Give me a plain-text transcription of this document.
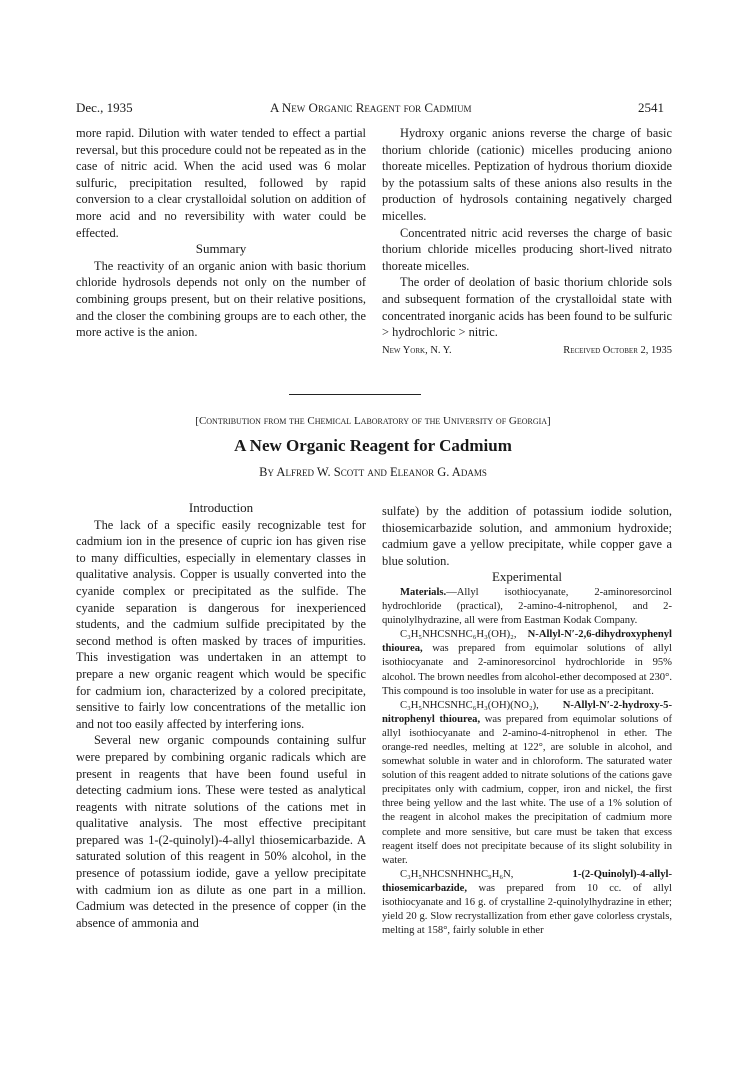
Dec., 1935	A New Organic Reagent for Cadmium	2541

more rapid. Dilution with water tended to effect a partial reversal, but this procedure could not be repeated as in the case of nitric acid. When the acid used was 6 molar sulfuric, precipitation resulted, followed by rapid conversion to a clear crystalloidal solution on addition of more acid and no reversibility with water could be effected.

Summary

The reactivity of an organic anion with basic thorium chloride hydrosols depends not only on the number of combining groups present, but on their relative positions, and the closer the combining groups are to each other, the more active is the anion.

Hydroxy organic anions reverse the charge of basic thorium chloride (cationic) micelles producing aniono thoreate micelles. Peptization of hydrous thorium dioxide by the potassium salts of these anions also results in the production of hydrosols containing negatively charged micelles.

Concentrated nitric acid reverses the charge of basic thorium chloride micelles producing short-lived nitrato thoreate micelles.

The order of deolation of basic thorium chloride sols and subsequent formation of the crystalloidal state with concentrated inorganic acids has been found to be sulfuric > hydrochloric > nitric.

New York, N. Y.	Received October 2, 1935
[Contribution from the Chemical Laboratory of the University of Georgia]
A New Organic Reagent for Cadmium
By Alfred W. Scott and Eleanor G. Adams

Introduction

The lack of a specific easily recognizable test for cadmium ion in the presence of cupric ion has given rise to many difficulties, especially in elementary classes in qualitative analysis. Copper is usually converted into the cyanide complex or precipitated as the sulfide. The cyanide separation is dangerous for inexperienced students, and the cadmium sulfide precipitated by the second method is often masked by traces of impurities. This investigation was undertaken in an attempt to prepare a new organic reagent which would be specific for cadmium ion, characterized by a colored precipitate, sensitive to fairly low concentrations of the metallic ion and not too easily affected by interfering ions.

Several new organic compounds containing sulfur were prepared by combining organic radicals which are present in reagents that have been found useful in detecting cadmium ions. These were tested as analytical reagents with nitrate solutions of the cations met in qualitative analysis. The most effective precipitant prepared was 1-(2-quinolyl)-4-allyl thiosemicarbazide. A saturated solution of this reagent in 50% alcohol, in the presence of potassium iodide, gave a yellow precipitate with cadmium ion as dilute as one part in a million. Cadmium was detected in the presence of copper (in the absence of ammonia and

sulfate) by the addition of potassium iodide solution, thiosemicarbazide solution, and ammonium hydroxide; cadmium gave a yellow precipitate, while copper gave a blue solution.

Experimental

Materials.—Allyl isothiocyanate, 2-aminoresorcinol hydrochloride (practical), 2-amino-4-nitrophenol, and 2-quinolylhydrazine, all were from Eastman Kodak Company.

C₃H₅NHCSNHC₆H₃(OH)₂, N-Allyl-N′-2,6-dihydroxyphenyl thiourea, was prepared from equimolar solutions of allyl isothiocyanate and 2-aminoresorcinol hydrochloride in 95% alcohol. The brown needles from alcohol-ether decomposed at 230°. This compound is too insoluble in water for use as a precipitant.

C₃H₅NHCSNHC₆H₃(OH)(NO₂), N-Allyl-N′-2-hydroxy-5-nitrophenyl thiourea, was prepared from equimolar solutions of allyl isothiocyanate and 2-amino-4-nitrophenol in ether. The orange-red needles, melting at 122°, are soluble in alcohol, and somewhat soluble in water and in chloroform. The saturated water solution of this reagent added to nitrate solutions of the cations gave precipitates only with cadmium, copper, iron and nickel, the first three being yellow and the last white. The use of a 1% solution of the reagent in alcohol makes the precipitation of cadmium more complete and more sensitive, but care must be taken that excess reagent itself does not precipitate because of its slight solubility in water.

C₃H₅NHCSNHNHC₉H₆N,	1-(2-Quinolyl)-4-allyl-thiosemicarbazide, was prepared from 10 cc. of allyl isothiocyanate and 16 g. of crystalline 2-quinolylhydrazine in ether; yield 20 g. Slow recrystallization from ether gave colorless crystals, melting at 158°, fairly soluble in ether
